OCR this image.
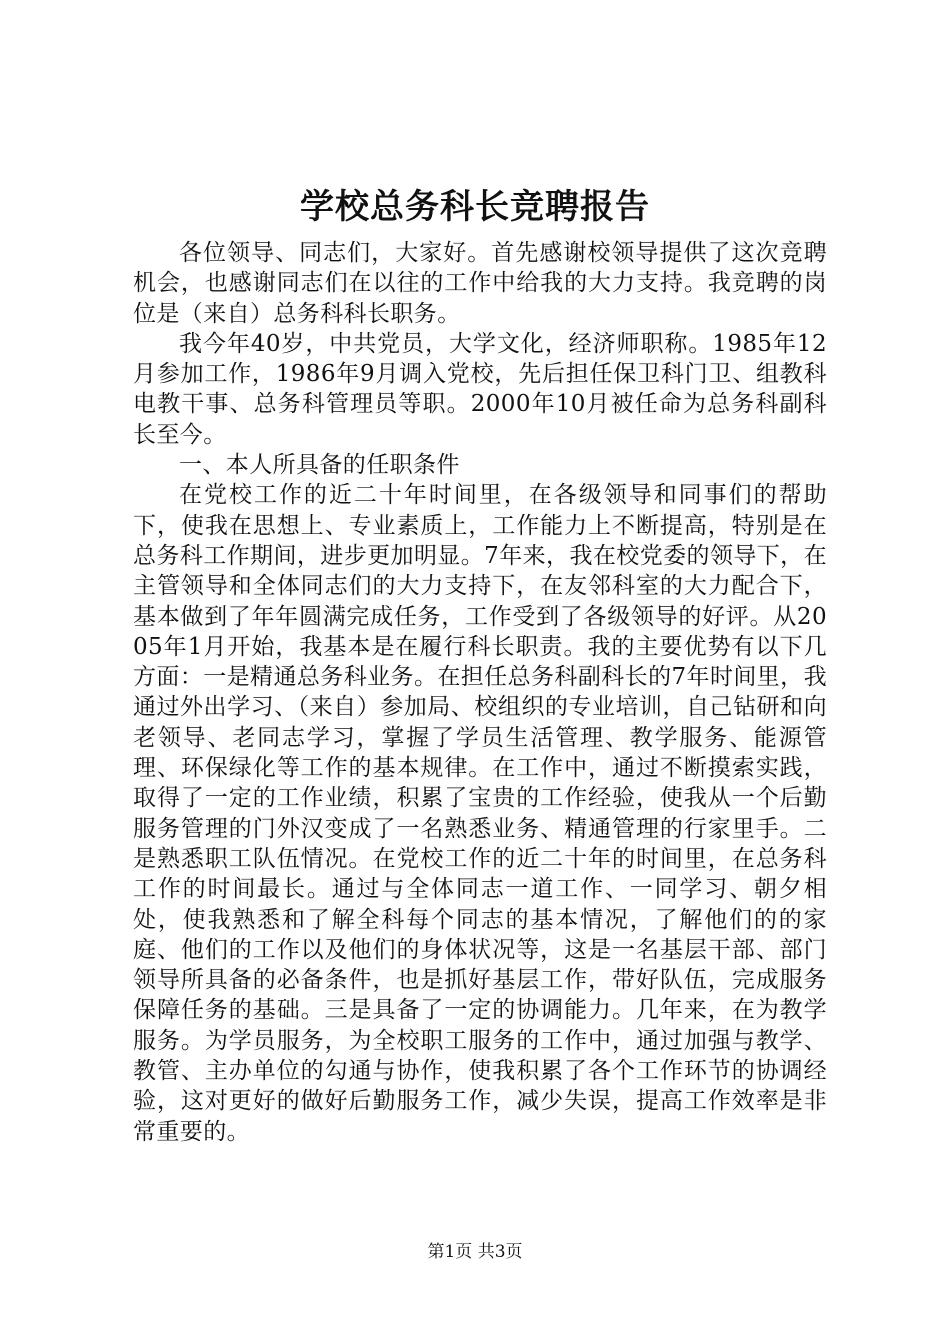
学校总务科长竞聘报告

各位领导、同志们，大家好。首先感谢校领导提供了这次竞聘机会，也感谢同志们在以往的工作中给我的大力支持。我竞聘的岗位是（来自）总务科科长职务。

我今年40岁，中共党员，大学文化，经济师职称。1985年12月参加工作，1986年9月调入党校，先后担任保卫科门卫、组教科电教干事、总务科管理员等职。2000年10月被任命为总务科副科长至今。

一、本人所具备的任职条件

在党校工作的近二十年时间里，在各级领导和同事们的帮助下，使我在思想上、专业素质上，工作能力上不断提高，特别是在总务科工作期间，进步更加明显。7年来，我在校党委的领导下，在主管领导和全体同志们的大力支持下，在友邻科室的大力配合下，基本做到了年年圆满完成任务，工作受到了各级领导的好评。从2005年1月开始，我基本是在履行科长职责。我的主要优势有以下几方面：一是精通总务科业务。在担任总务科副科长的7年时间里，我通过外出学习、（来自）参加局、校组织的专业培训，自己钻研和向老领导、老同志学习，掌握了学员生活管理、教学服务、能源管理、环保绿化等工作的基本规律。在工作中，通过不断摸索实践，取得了一定的工作业绩，积累了宝贵的工作经验，使我从一个后勤服务管理的门外汉变成了一名熟悉业务、精通管理的行家里手。二是熟悉职工队伍情况。在党校工作的近二十年的时间里，在总务科工作的时间最长。通过与全体同志一道工作、一同学习、朝夕相处，使我熟悉和了解全科每个同志的基本情况，了解他们的的家庭、他们的工作以及他们的身体状况等，这是一名基层干部、部门领导所具备的必备条件，也是抓好基层工作，带好队伍，完成服务保障任务的基础。三是具备了一定的协调能力。几年来，在为教学服务。为学员服务，为全校职工服务的工作中，通过加强与教学、教管、主办单位的勾通与协作，使我积累了各个工作环节的协调经验，这对更好的做好后勤服务工作，减少失误，提高工作效率是非常重要的。

第1页 共3页
